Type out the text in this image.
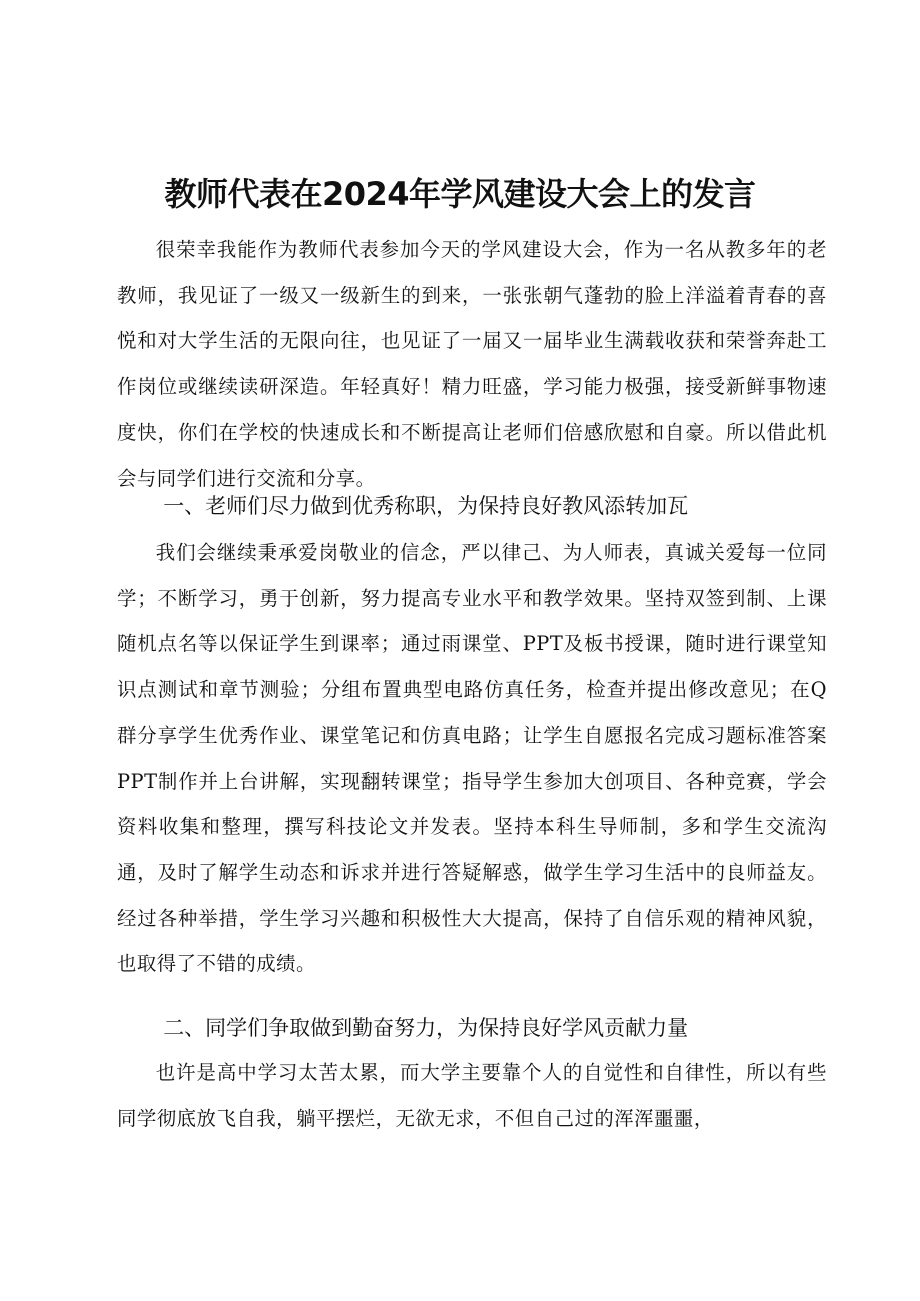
教师代表在2024年学风建设大会上的发言

很荣幸我能作为教师代表参加今天的学风建设大会，作为一名从教多年的老教师，我见证了一级又一级新生的到来，一张张朝气蓬勃的脸上洋溢着青春的喜悦和对大学生活的无限向往，也见证了一届又一届毕业生满载收获和荣誉奔赴工作岗位或继续读研深造。年轻真好！精力旺盛，学习能力极强，接受新鲜事物速度快，你们在学校的快速成长和不断提高让老师们倍感欣慰和自豪。所以借此机会与同学们进行交流和分享。

一、老师们尽力做到优秀称职，为保持良好教风添转加瓦

我们会继续秉承爱岗敬业的信念，严以律己、为人师表，真诚关爱每一位同学；不断学习，勇于创新，努力提高专业水平和教学效果。坚持双签到制、上课随机点名等以保证学生到课率；通过雨课堂、PPT及板书授课，随时进行课堂知识点测试和章节测验；分组布置典型电路仿真任务，检查并提出修改意见；在Q群分享学生优秀作业、课堂笔记和仿真电路；让学生自愿报名完成习题标准答案PPT制作并上台讲解，实现翻转课堂；指导学生参加大创项目、各种竞赛，学会资料收集和整理，撰写科技论文并发表。坚持本科生导师制，多和学生交流沟通，及时了解学生动态和诉求并进行答疑解惑，做学生学习生活中的良师益友。经过各种举措，学生学习兴趣和积极性大大提高，保持了自信乐观的精神风貌，也取得了不错的成绩。

二、同学们争取做到勤奋努力，为保持良好学风贡献力量

也许是高中学习太苦太累，而大学主要靠个人的自觉性和自律性，所以有些同学彻底放飞自我，躺平摆烂，无欲无求，不但自己过的浑浑噩噩，
